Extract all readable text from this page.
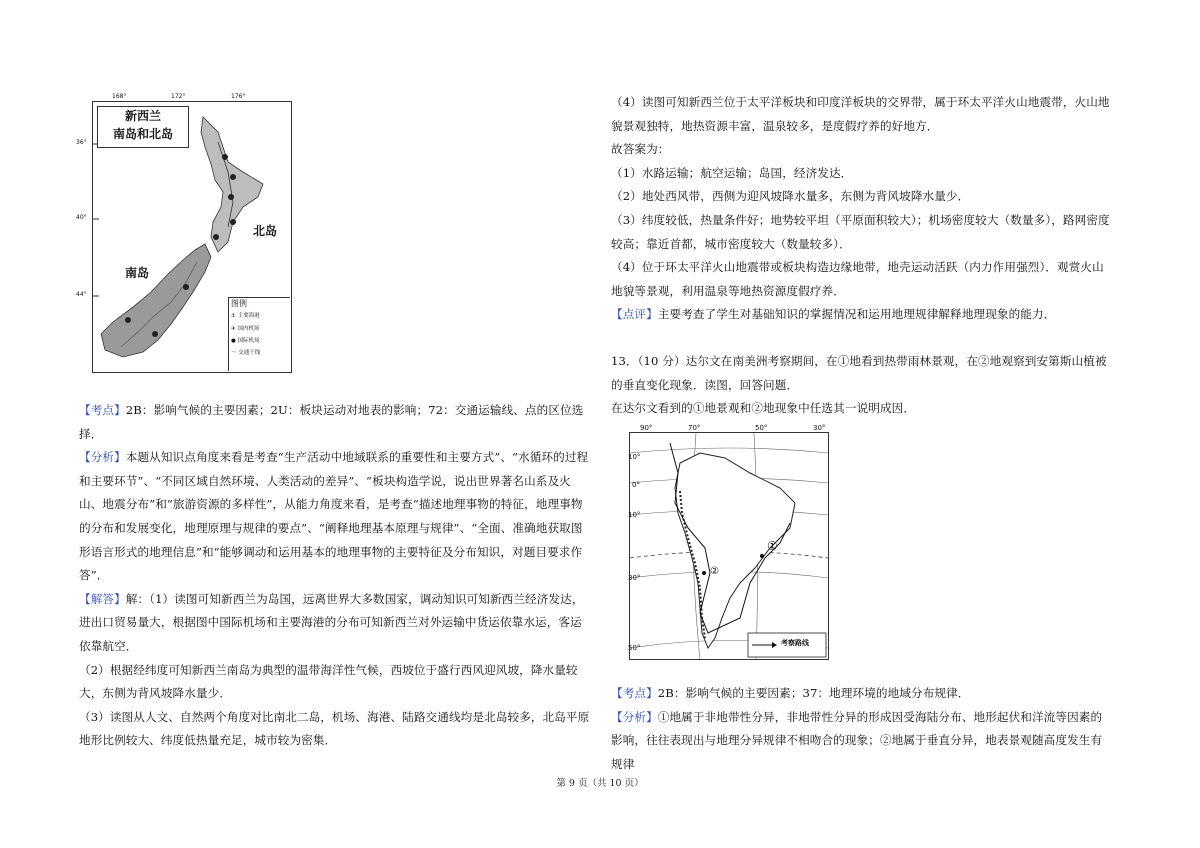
168°	172°	176°
36°
40°
44°
新西兰
南岛和北岛
北岛
南岛
图例
⚓ 主要海港
✈ 国内机场
● 国际机场
〜 交通干线

【考点】2B：影响气候的主要因素；2U：板块运动对地表的影响；72：交通运输线、点的区位选择．

【分析】本题从知识点角度来看是考查“生产活动中地域联系的重要性和主要方式”、“水循环的过程和主要环节”、“不同区域自然环境、人类活动的差异”、“板块构造学说，说出世界著名山系及火山、地震分布”和“旅游资源的多样性”，从能力角度来看，是考查“描述地理事物的特征，地理事物的分布和发展变化，地理原理与规律的要点”、“阐释地理基本原理与规律”、“全面、准确地获取图形语言形式的地理信息”和“能够调动和运用基本的地理事物的主要特征及分布知识，对题目要求作答”．

【解答】解：（1）读图可知新西兰为岛国，远离世界大多数国家，调动知识可知新西兰经济发达，进出口贸易量大，根据图中国际机场和主要海港的分布可知新西兰对外运输中货运依靠水运，客运依靠航空．

（2）根据经纬度可知新西兰南岛为典型的温带海洋性气候，西坡位于盛行西风迎风坡，降水量较大，东侧为背风坡降水量少．

（3）读图从人文、自然两个角度对比南北二岛，机场、海港、陆路交通线均是北岛较多，北岛平原地形比例较大、纬度低热量充足，城市较为密集．

（4）读图可知新西兰位于太平洋板块和印度洋板块的交界带，属于环太平洋火山地震带，火山地貌景观独特，地热资源丰富，温泉较多，是度假疗养的好地方．

故答案为：

（1）水路运输；航空运输；岛国，经济发达．

（2）地处西风带，西侧为迎风坡降水量多，东侧为背风坡降水量少．

（3）纬度较低，热量条件好；地势较平坦（平原面积较大）；机场密度较大（数量多），路网密度较高；靠近首都，城市密度较大（数量较多）．

（4）位于环太平洋火山地震带或板块构造边缘地带，地壳运动活跃（内力作用强烈）．观赏火山地貌等景观，利用温泉等地热资源度假疗养．

【点评】主要考查了学生对基础知识的掌握情况和运用地理规律解释地理现象的能力．

13．（10 分）达尔文在南美洲考察期间，在①地看到热带雨林景观，在②地观察到安第斯山植被的垂直变化现象．读图，回答问题．

在达尔文看到的①地景观和②地现象中任选其一说明成因．

90°	70°	50°	30°
10°
0°
10°
30°
50°
①
②
考察路线

【考点】2B：影响气候的主要因素；37：地理环境的地域分布规律．

【分析】①地属于非地带性分异，非地带性分异的形成因受海陆分布、地形起伏和洋流等因素的影响，往往表现出与地理分异规律不相吻合的现象；②地属于垂直分异，地表景观随高度发生有规律

第 9 页（共 10 页）
